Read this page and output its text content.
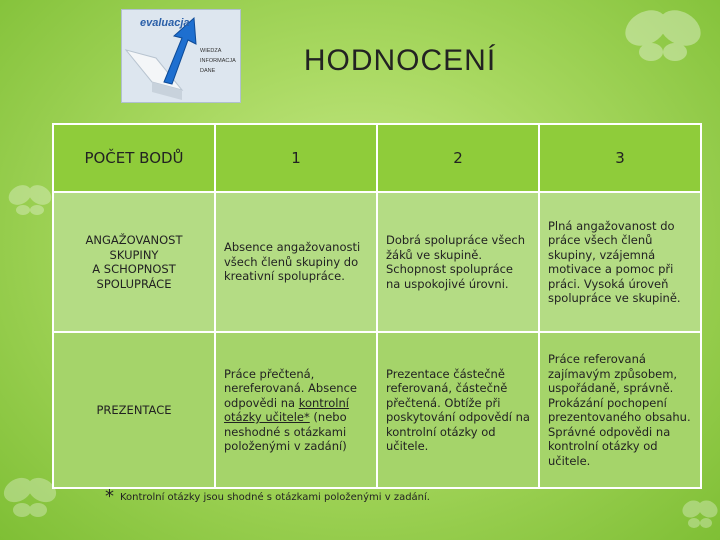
evaluacja
WIEDZA
INFORMACJA
DANE	HODNOCENÍ
POČET BODŮ	1	2	3
ANGAŽOVANOST
SKUPINY
A SCHOPNOST
SPOLUPRÁCE	Absence angažovanosti všech členů skupiny do kreativní spolupráce.	Dobrá spolupráce všech žáků ve skupině. Schopnost spolupráce na uspokojivé úrovni.	Plná angažovanost do práce všech členů skupiny, vzájemná motivace a pomoc při práci. Vysoká úroveň spolupráce ve skupině.
PREZENTACE	Práce přečtená, nereferovaná. Absence odpovědi na kontrolní otázky učitele* (nebo neshodné s otázkami položenými v zadání)	Prezentace částečně referovaná, částečně přečtená. Obtíže při poskytování odpovědí na kontrolní otázky od učitele.	Práce referovaná zajímavým způsobem, uspořádaně, správně. Prokázání pochopení prezentovaného obsahu. Správné odpovědi na kontrolní otázky od učitele.
* Kontrolní otázky jsou shodné s otázkami položenými v zadání.
